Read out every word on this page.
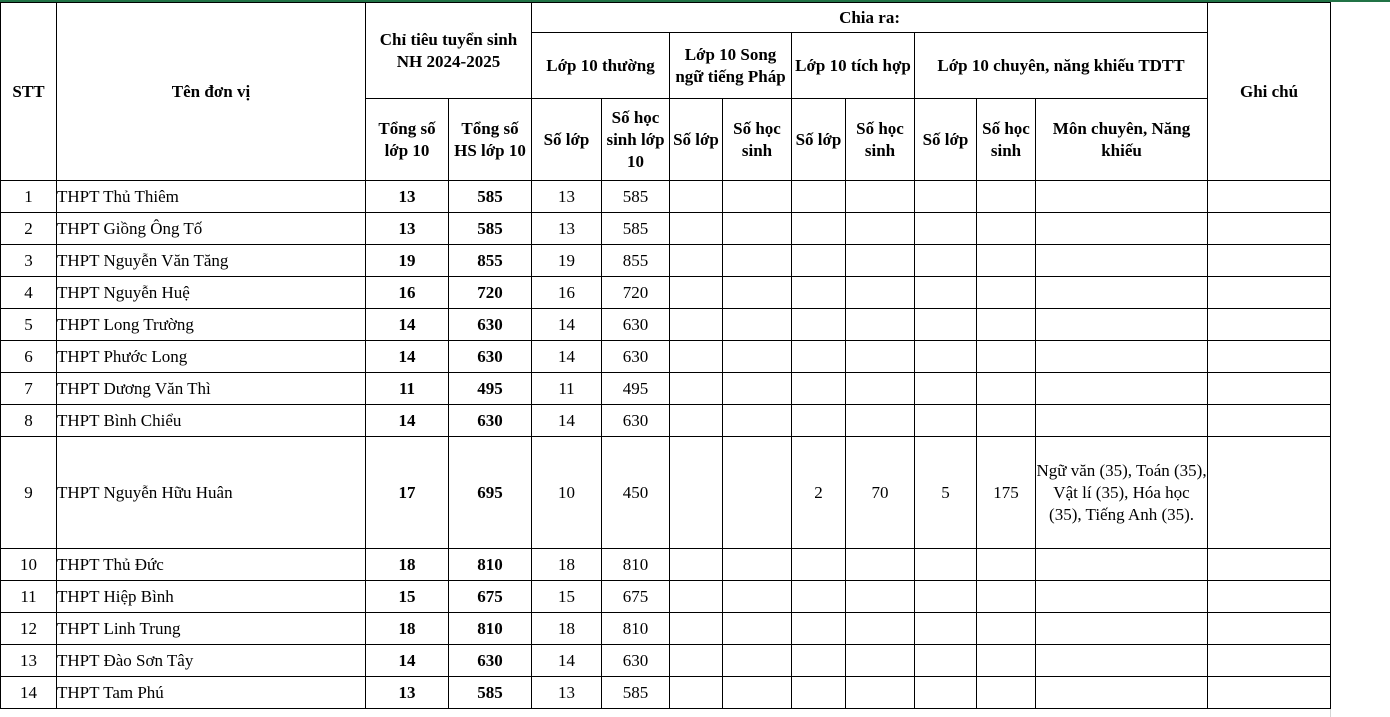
STT	Tên đơn vị	Chỉ tiêu tuyển sinh NH 2024-2025		Chia ra:									Ghi chú
				Lớp 10 thường		Lớp 10 Song ngữ tiếng Pháp		Lớp 10 tích hợp		Lớp 10 chuyên, năng khiếu TDTT			
		Tổng số lớp 10	Tổng số HS lớp 10	Số lớp	Số học sinh lớp 10	Số lớp	Số học sinh	Số lớp	Số học sinh	Số lớp	Số học sinh	Môn chuyên, Năng khiếu	
1	THPT Thủ Thiêm	13	585	13	585								
2	THPT Giồng Ông Tố	13	585	13	585								
3	THPT Nguyễn Văn Tăng	19	855	19	855								
4	THPT Nguyễn Huệ	16	720	16	720								
5	THPT Long Trường	14	630	14	630								
6	THPT Phước Long	14	630	14	630								
7	THPT Dương Văn Thì	11	495	11	495								
8	THPT Bình Chiểu	14	630	14	630								
9	THPT Nguyễn Hữu Huân	17	695	10	450			2	70	5	175	Ngữ văn (35), Toán (35), Vật lí (35), Hóa học (35), Tiếng Anh (35).	
10	THPT Thủ Đức	18	810	18	810								
11	THPT Hiệp Bình	15	675	15	675								
12	THPT Linh Trung	18	810	18	810								
13	THPT Đào Sơn Tây	14	630	14	630								
14	THPT Tam Phú	13	585	13	585								
